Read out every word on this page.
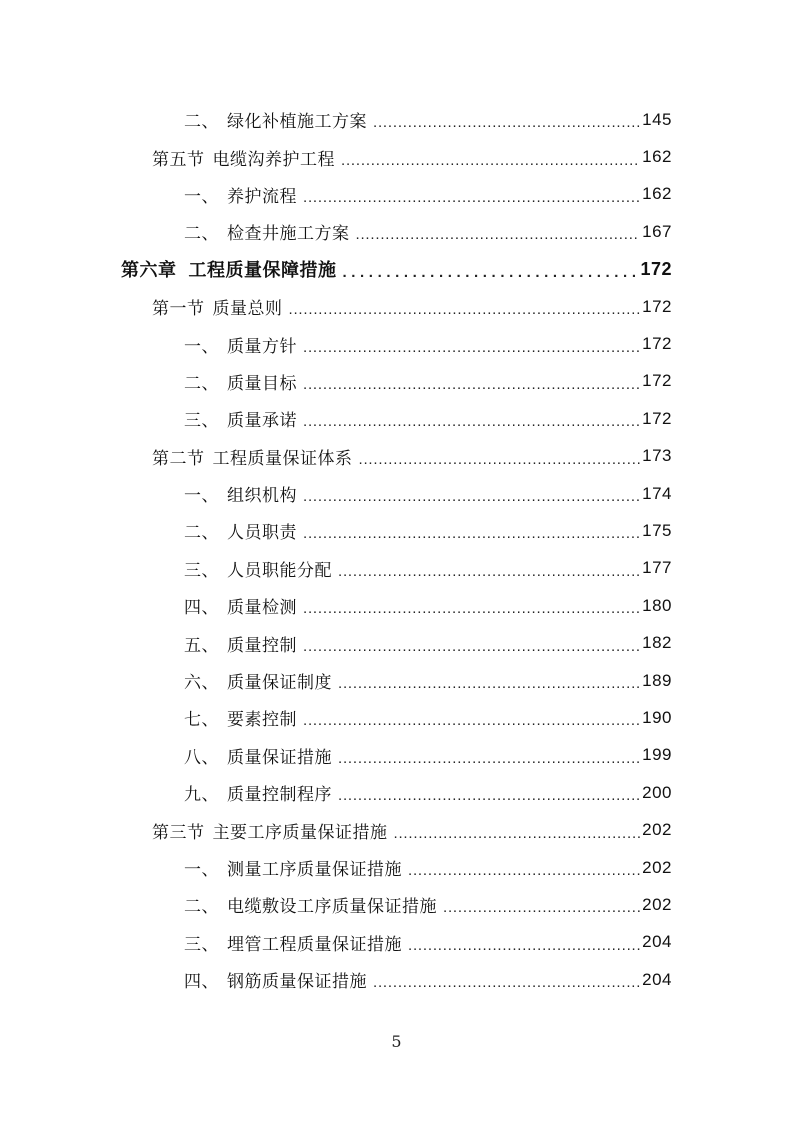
二、 绿化补植施工方案 .....	145
第五节 电缆沟养护工程 .....	162
一、 养护流程 .....	162
二、 检查井施工方案 .....	167
第六章 工程质量保障措施 .....	172
第一节 质量总则 .....	172
一、 质量方针 .....	172
二、 质量目标 .....	172
三、 质量承诺 .....	172
第二节 工程质量保证体系 .....	173
一、 组织机构 .....	174
二、 人员职责 .....	175
三、 人员职能分配 .....	177
四、 质量检测 .....	180
五、 质量控制 .....	182
六、 质量保证制度 .....	189
七、 要素控制 .....	190
八、 质量保证措施 .....	199
九、 质量控制程序 .....	200
第三节 主要工序质量保证措施 .....	202
一、 测量工序质量保证措施 .....	202
二、 电缆敷设工序质量保证措施 .....	202
三、 埋管工程质量保证措施 .....	204
四、 钢筋质量保证措施 .....	204
5
